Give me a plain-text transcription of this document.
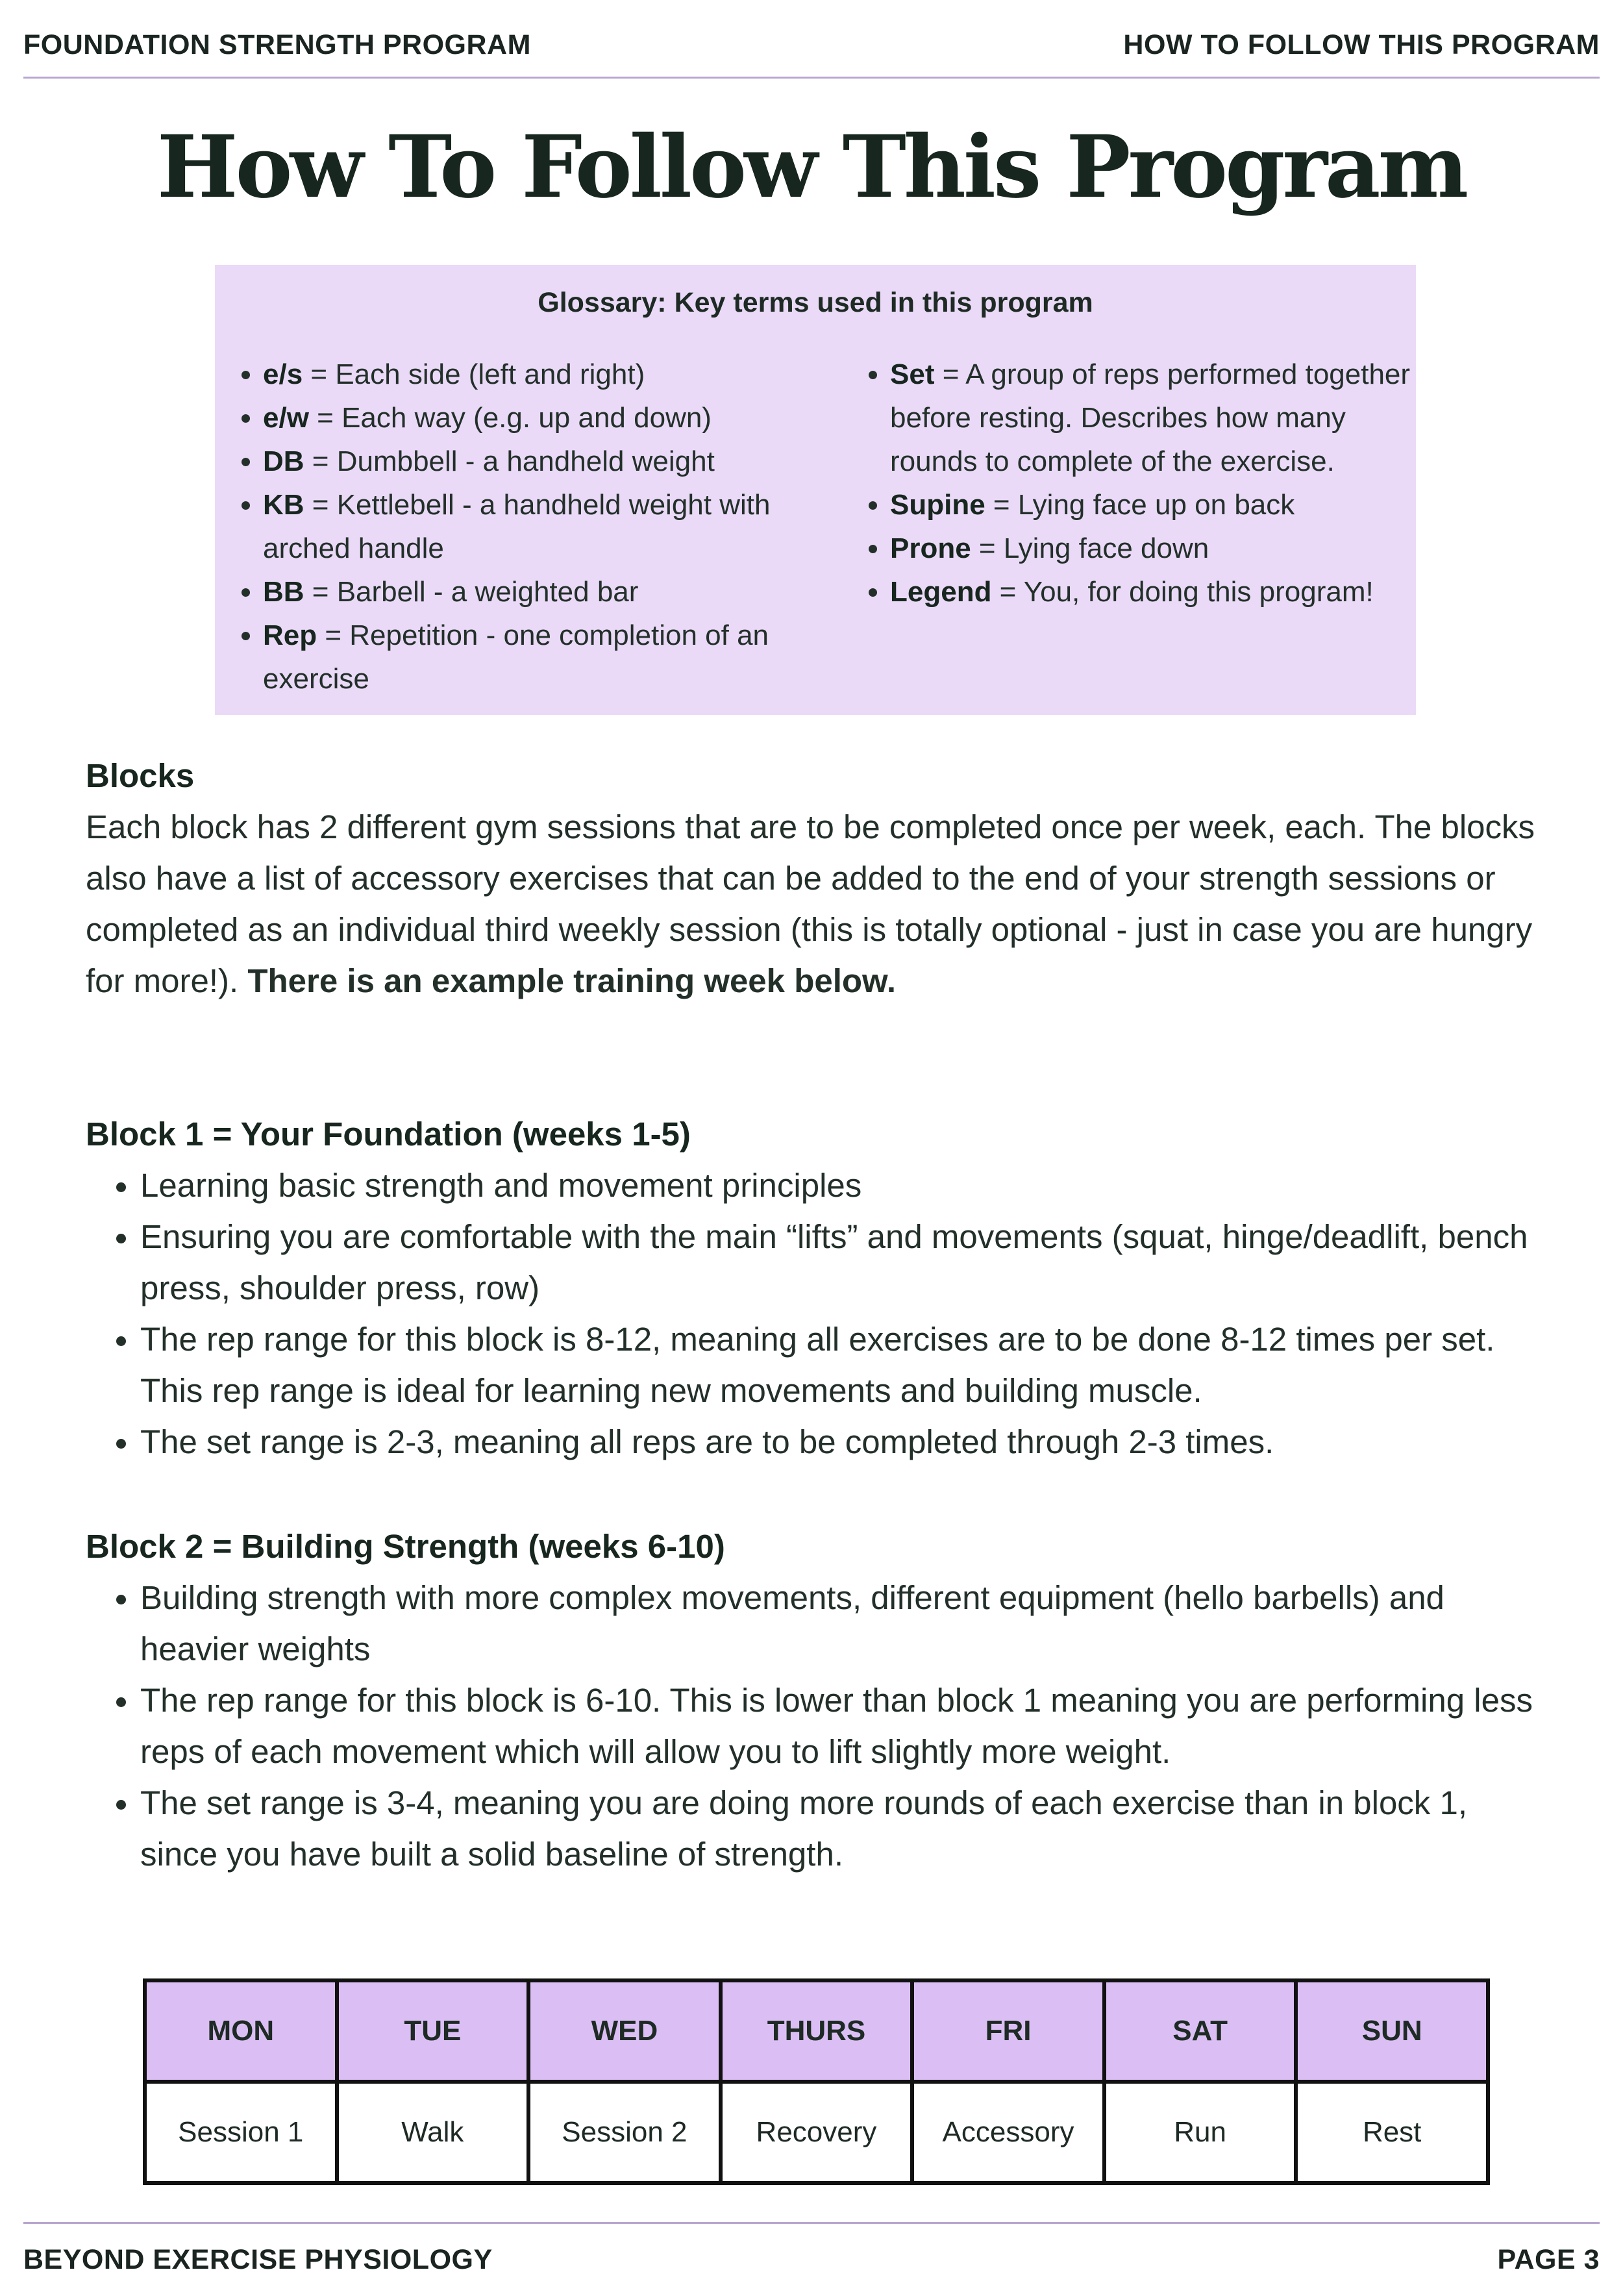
FOUNDATION STRENGTH PROGRAM	HOW TO FOLLOW THIS PROGRAM
How To Follow This Program
Glossary: Key terms used in this program
• e/s = Each side (left and right)
• e/w = Each way (e.g. up and down)
• DB = Dumbbell - a handheld weight
• KB = Kettlebell - a handheld weight with arched handle
• BB = Barbell - a weighted bar
• Rep = Repetition - one completion of an exercise
• Set = A group of reps performed together before resting. Describes how many rounds to complete of the exercise.
• Supine = Lying face up on back
• Prone = Lying face down
• Legend = You, for doing this program!
Blocks
Each block has 2 different gym sessions that are to be completed once per week, each. The blocks also have a list of accessory exercises that can be added to the end of your strength sessions or completed as an individual third weekly session (this is totally optional - just in case you are hungry for more!). There is an example training week below.
Block 1 = Your Foundation (weeks 1-5)
• Learning basic strength and movement principles
• Ensuring you are comfortable with the main “lifts” and movements (squat, hinge/deadlift, bench press, shoulder press, row)
• The rep range for this block is 8-12, meaning all exercises are to be done 8-12 times per set. This rep range is ideal for learning new movements and building muscle.
• The set range is 2-3, meaning all reps are to be completed through 2-3 times.
Block 2 = Building Strength (weeks 6-10)
• Building strength with more complex movements, different equipment (hello barbells) and heavier weights
• The rep range for this block is 6-10. This is lower than block 1 meaning you are performing less reps of each movement which will allow you to lift slightly more weight.
• The set range is 3-4, meaning you are doing more rounds of each exercise than in block 1, since you have built a solid baseline of strength.
MON	TUE	WED	THURS	FRI	SAT	SUN
Session 1	Walk	Session 2	Recovery	Accessory	Run	Rest
BEYOND EXERCISE PHYSIOLOGY	PAGE 3
